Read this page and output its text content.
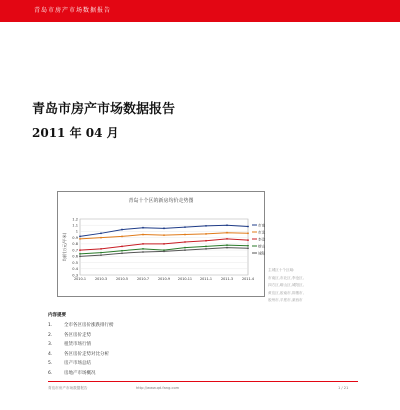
青岛市房产市场数据报告
青岛市房产市场数据报告
2011 年 04 月
青岛十个区的新房均价走势图
1.2
1.1
1
0.9
0.8
0.7
0.6
0.5
0.4
0.3
均价(万元/平米)
2010-1	2010-3	2010-5	2010-7	2010-9 2010-11 2011-1	2011-3	2011-4
市南
市北
李沧
崂山
城阳
主城区十个区域:
市南区,市北区,李沧区,
四方区,崂山区,城阳区,
黄岛区,胶南市,即墨市,
胶州市,平度市,莱西市
内容提要
1.	全市各区房价涨跌排行榜
2.	各区房价走势
3.	租赁市场行情
4.	各区房价走势对比分析
5.	房产市场总结
6.	房地产市场概况
青岛市房产市场数据报告	http://www.qd.fang.com	1 / 21
